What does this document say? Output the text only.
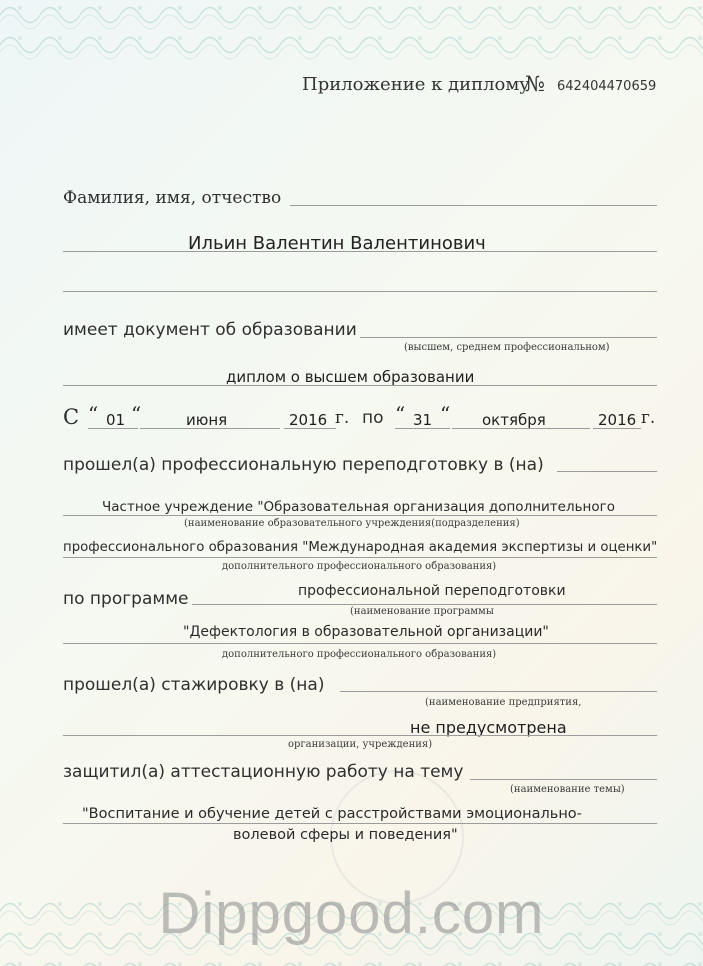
Приложение к дипломy
№ 642404470659
Фамилия, имя, отчество
Ильин Валентин Валентинович
имеет документ об образовании
(высшем, среднем профессиональном)
диплом о высшем образовании
С “ 01 “	июня	2016 г. по “ 31 “ октября	2016 г.
прошел(а) профессиональную переподготовку в (на)
Частное учреждение "Образовательная организация дополнительного
(наименование образовательного учреждения(подразделения)
профессионального образования "Международная академия экспертизы и оценки"
дополнительного профессионального образования)
по программе	профессиональной переподготовки
(наименование программы
"Дефектология в образовательной организации"
дополнительного профессионального образования)
прошел(а) стажировку в (на)
(наименование предприятия,
не предусмотрена
организации, учреждения)
защитил(а) аттестационную работу на тему
(наименование темы)
"Воспитание и обучение детей с расстройствами эмоционально-
волевой сферы и поведения"
Dippgood.com
